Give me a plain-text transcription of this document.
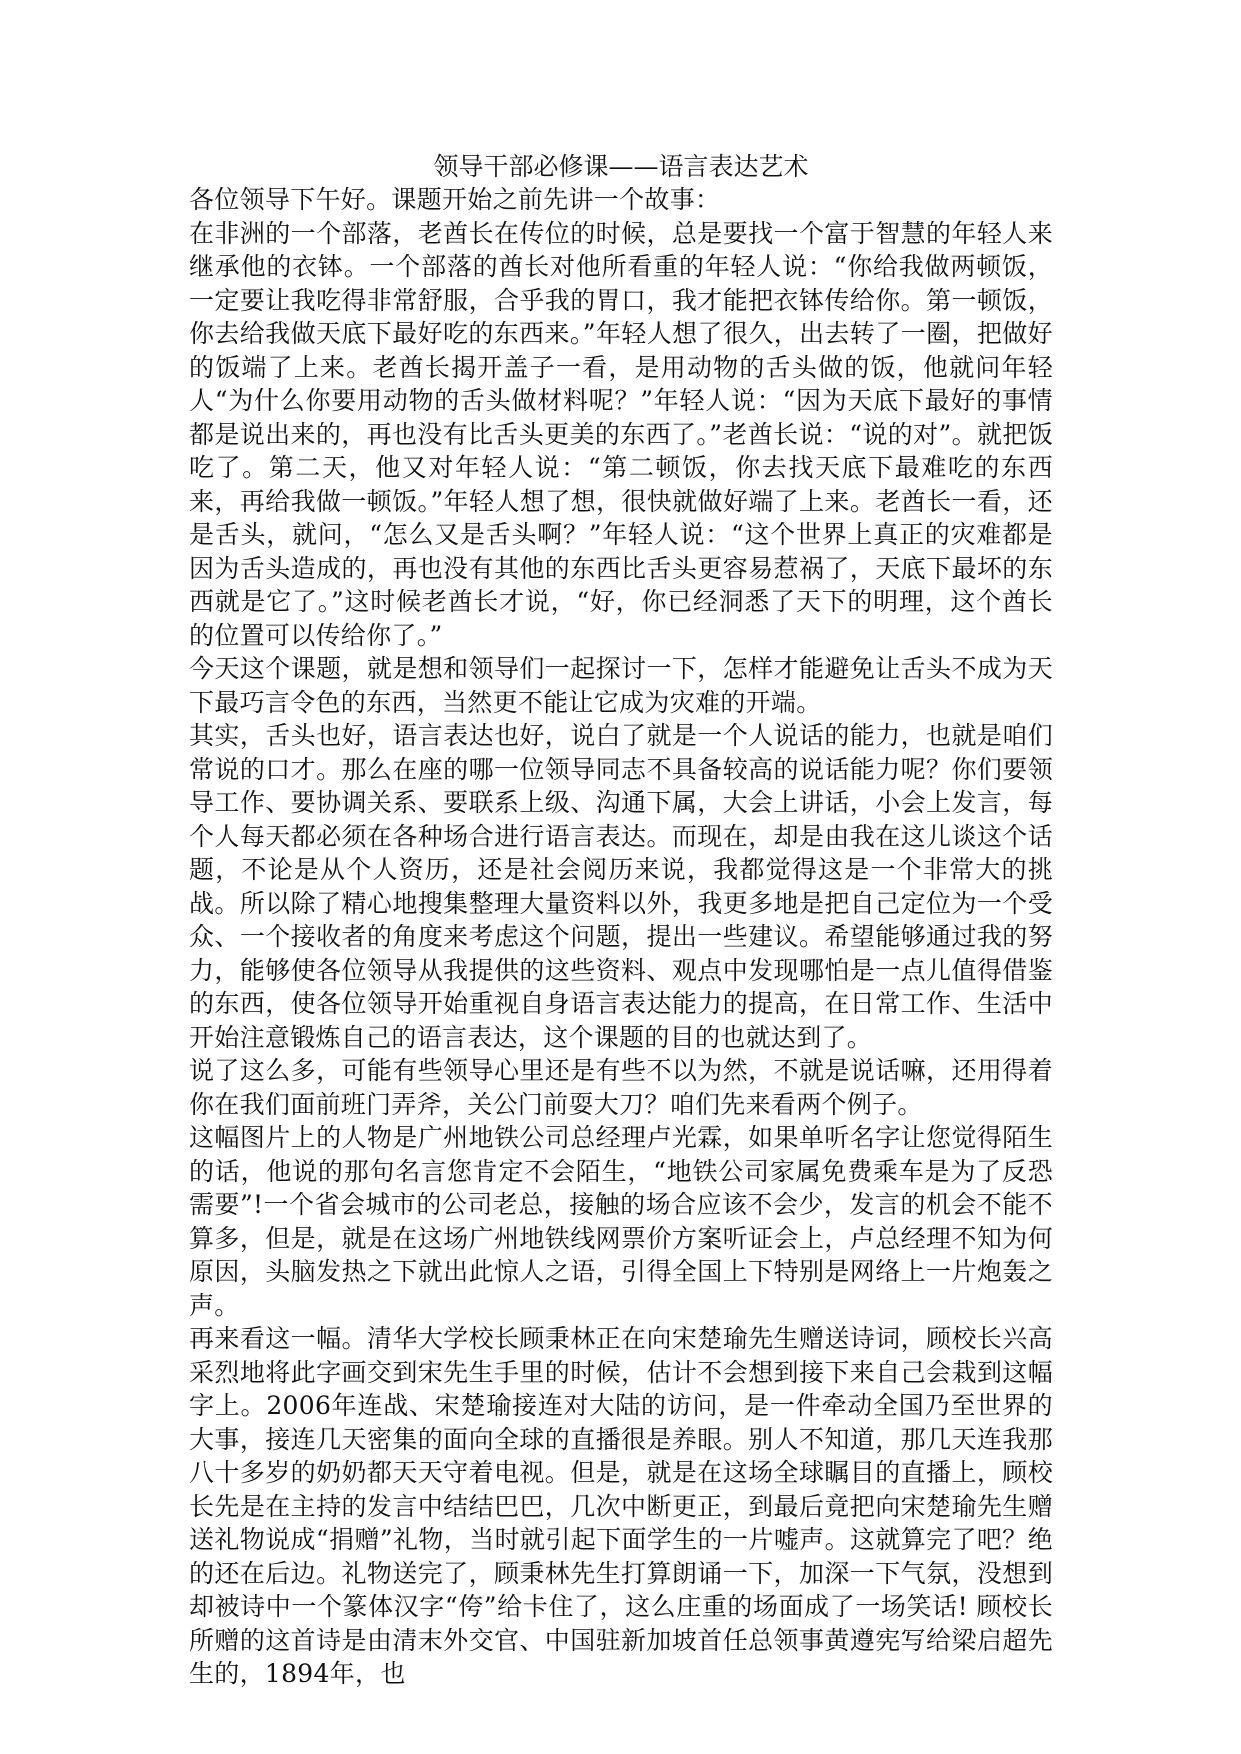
领导干部必修课——语言表达艺术

各位领导下午好。课题开始之前先讲一个故事：

在非洲的一个部落，老酋长在传位的时候，总是要找一个富于智慧的年轻人来继承他的衣钵。一个部落的酋长对他所看重的年轻人说：“你给我做两顿饭，一定要让我吃得非常舒服，合乎我的胃口，我才能把衣钵传给你。第一顿饭，你去给我做天底下最好吃的东西来。”年轻人想了很久，出去转了一圈，把做好的饭端了上来。老酋长揭开盖子一看，是用动物的舌头做的饭，他就问年轻人“为什么你要用动物的舌头做材料呢？”年轻人说：“因为天底下最好的事情都是说出来的，再也没有比舌头更美的东西了。”老酋长说：“说的对”。就把饭吃了。第二天，他又对年轻人说：“第二顿饭，你去找天底下最难吃的东西来，再给我做一顿饭。”年轻人想了想，很快就做好端了上来。老酋长一看，还是舌头，就问，“怎么又是舌头啊？”年轻人说：“这个世界上真正的灾难都是因为舌头造成的，再也没有其他的东西比舌头更容易惹祸了，天底下最坏的东西就是它了。”这时候老酋长才说，“好，你已经洞悉了天下的明理，这个酋长的位置可以传给你了。”

今天这个课题，就是想和领导们一起探讨一下，怎样才能避免让舌头不成为天下最巧言令色的东西，当然更不能让它成为灾难的开端。

其实，舌头也好，语言表达也好，说白了就是一个人说话的能力，也就是咱们常说的口才。那么在座的哪一位领导同志不具备较高的说话能力呢？你们要领导工作、要协调关系、要联系上级、沟通下属，大会上讲话，小会上发言，每个人每天都必须在各种场合进行语言表达。而现在，却是由我在这儿谈这个话题，不论是从个人资历，还是社会阅历来说，我都觉得这是一个非常大的挑战。所以除了精心地搜集整理大量资料以外，我更多地是把自己定位为一个受众、一个接收者的角度来考虑这个问题，提出一些建议。希望能够通过我的努力，能够使各位领导从我提供的这些资料、观点中发现哪怕是一点儿值得借鉴的东西，使各位领导开始重视自身语言表达能力的提高，在日常工作、生活中开始注意锻炼自己的语言表达，这个课题的目的也就达到了。

说了这么多，可能有些领导心里还是有些不以为然，不就是说话嘛，还用得着你在我们面前班门弄斧，关公门前耍大刀？咱们先来看两个例子。

这幅图片上的人物是广州地铁公司总经理卢光霖，如果单听名字让您觉得陌生的话，他说的那句名言您肯定不会陌生，“地铁公司家属免费乘车是为了反恐需要”!一个省会城市的公司老总，接触的场合应该不会少，发言的机会不能不算多，但是，就是在这场广州地铁线网票价方案听证会上，卢总经理不知为何原因，头脑发热之下就出此惊人之语，引得全国上下特别是网络上一片炮轰之声。

再来看这一幅。清华大学校长顾秉林正在向宋楚瑜先生赠送诗词，顾校长兴高采烈地将此字画交到宋先生手里的时候，估计不会想到接下来自己会栽到这幅字上。2006年连战、宋楚瑜接连对大陆的访问，是一件牵动全国乃至世界的大事，接连几天密集的面向全球的直播很是养眼。别人不知道，那几天连我那八十多岁的奶奶都天天守着电视。但是，就是在这场全球瞩目的直播上，顾校长先是在主持的发言中结结巴巴，几次中断更正，到最后竟把向宋楚瑜先生赠送礼物说成“捐赠”礼物，当时就引起下面学生的一片嘘声。这就算完了吧？绝的还在后边。礼物送完了，顾秉林先生打算朗诵一下，加深一下气氛，没想到却被诗中一个篆体汉字“侉”给卡住了，这么庄重的场面成了一场笑话! 顾校长所赠的这首诗是由清末外交官、中国驻新加坡首任总领事黄遵宪写给梁启超先生的，1894年，也
